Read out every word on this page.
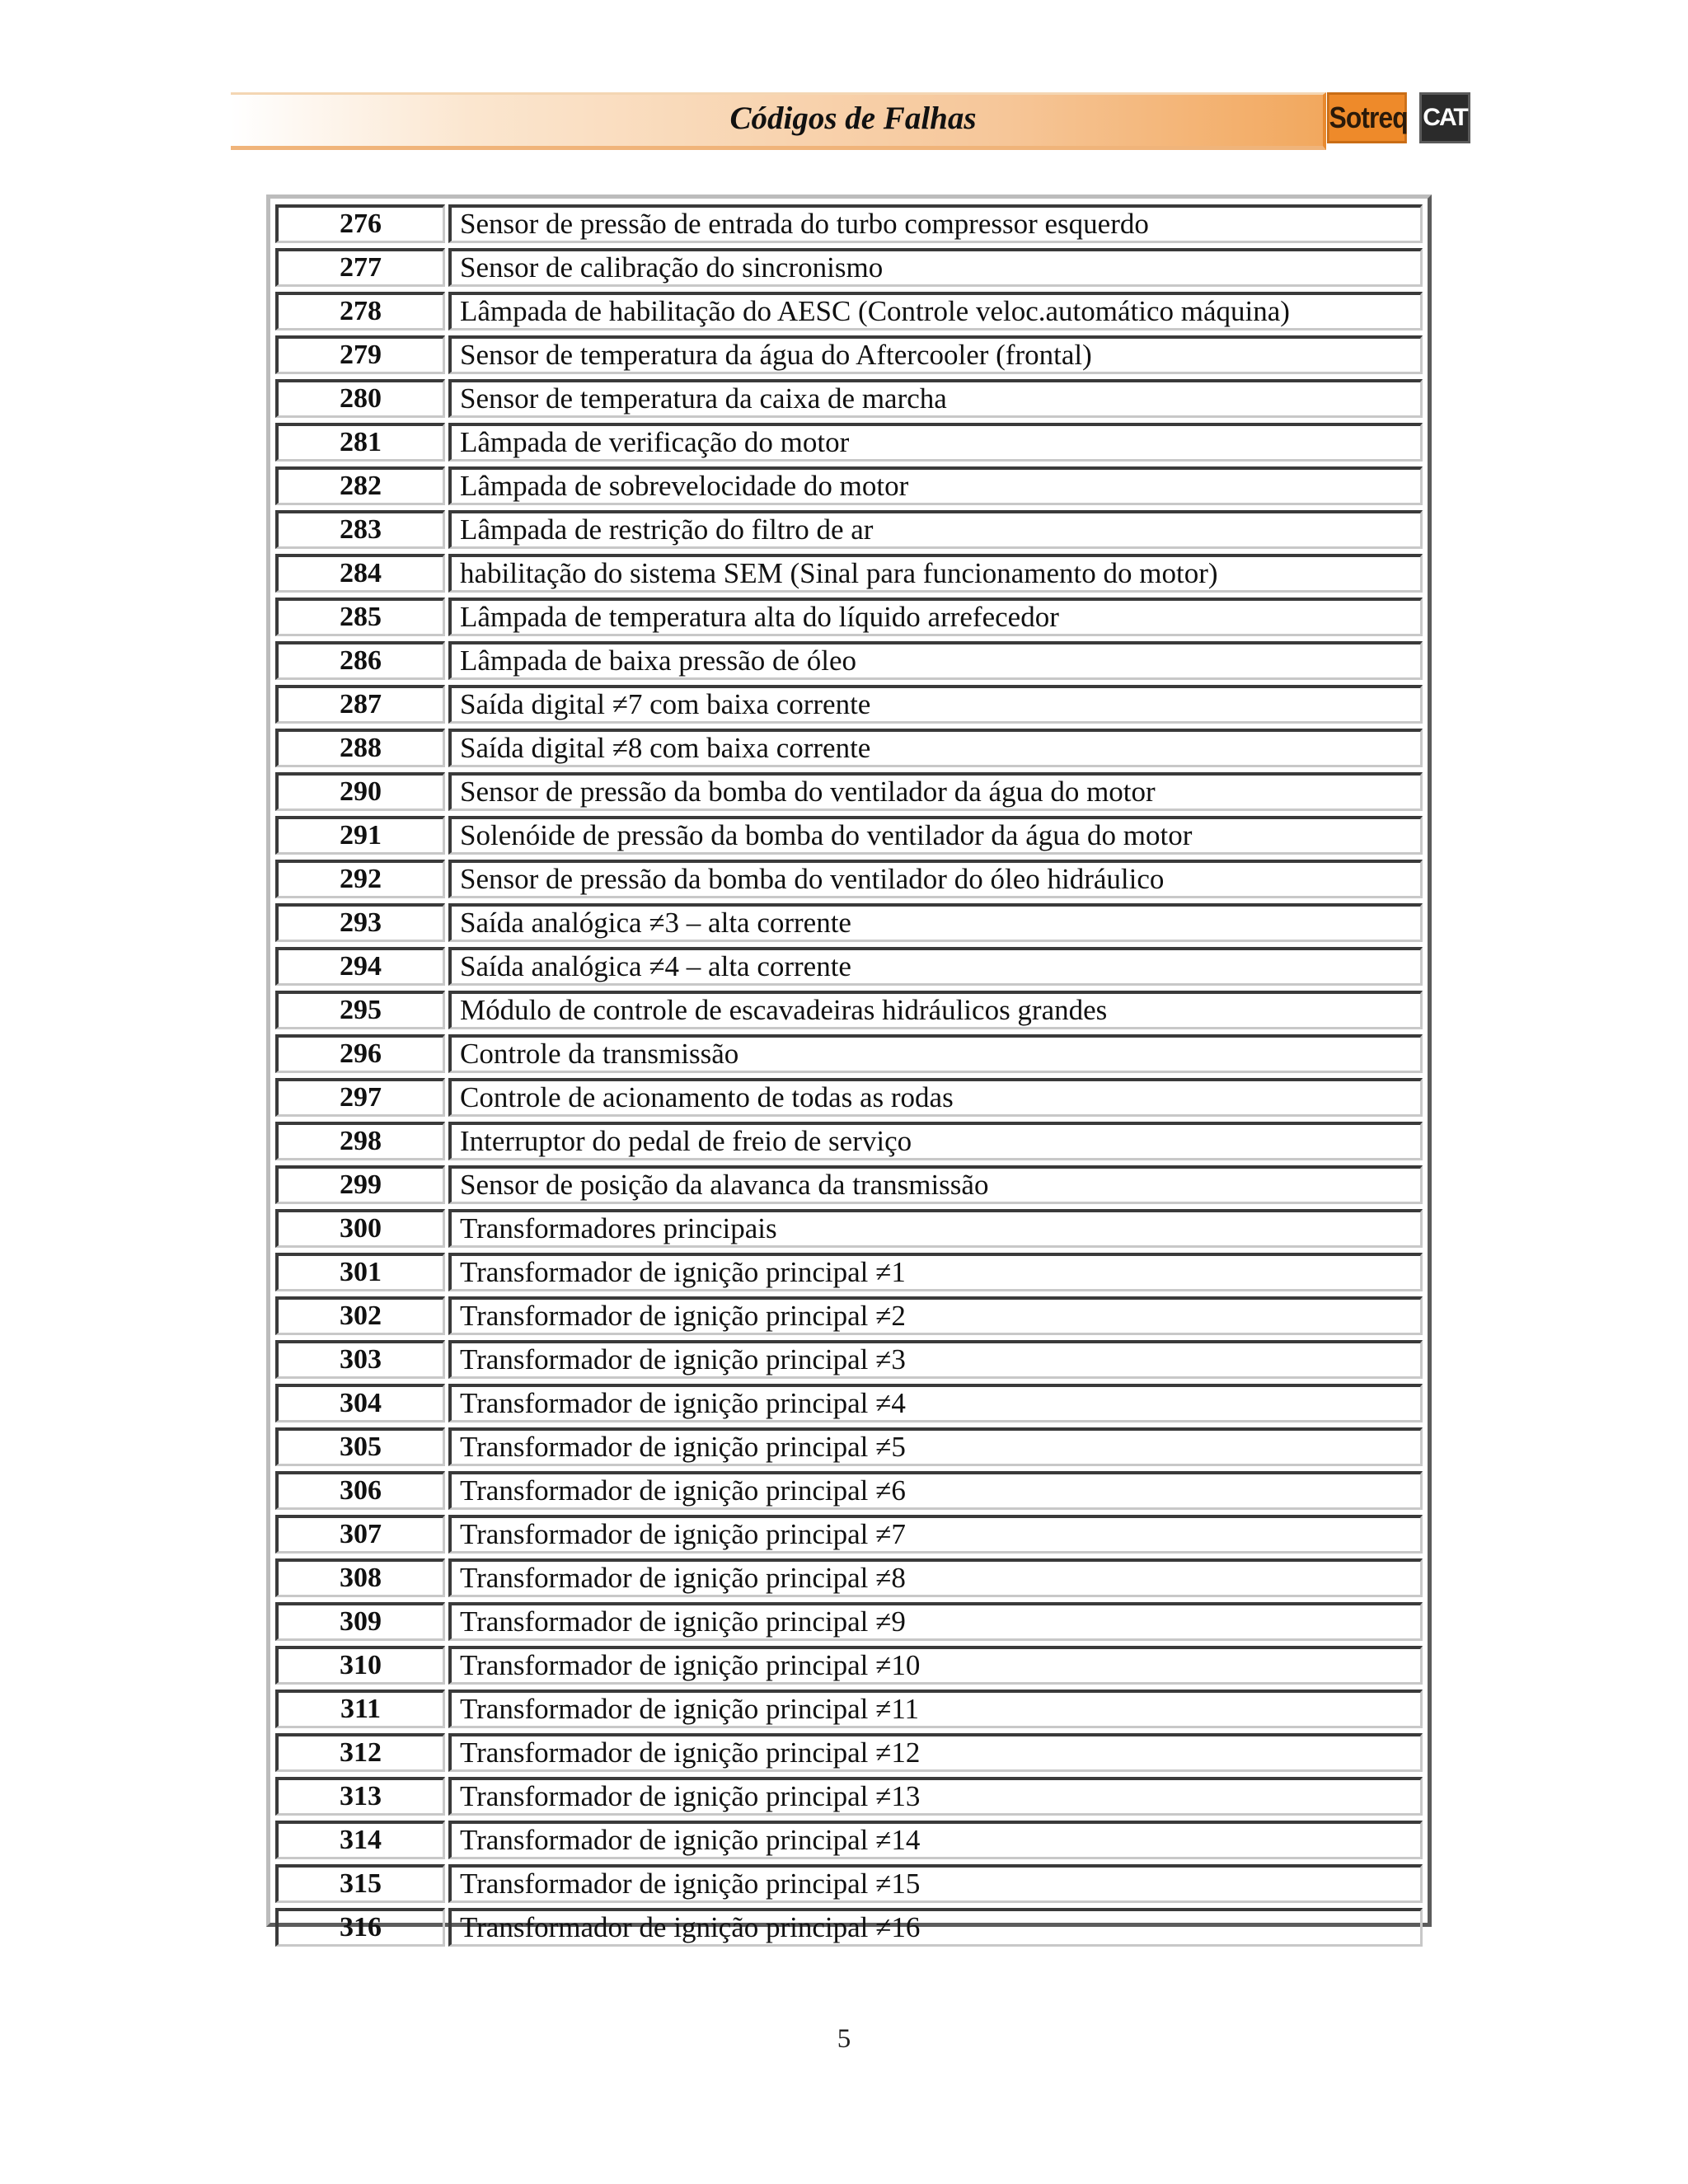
Códigos de Falhas	Sotreq CAT
276	Sensor de pressão de entrada do turbo compressor esquerdo
277	Sensor de calibração do sincronismo
278	Lâmpada de habilitação do AESC (Controle veloc.automático máquina)
279	Sensor de temperatura da água do Aftercooler (frontal)
280	Sensor de temperatura da caixa de marcha
281	Lâmpada de verificação do motor
282	Lâmpada de sobrevelocidade do motor
283	Lâmpada de restrição do filtro de ar
284	habilitação do sistema SEM (Sinal para funcionamento do motor)
285	Lâmpada de temperatura alta do líquido arrefecedor
286	Lâmpada de baixa pressão de óleo
287	Saída digital ≠7 com baixa corrente
288	Saída digital ≠8 com baixa corrente
290	Sensor de pressão da bomba do ventilador da água do motor
291	Solenóide de pressão da bomba do ventilador da água do motor
292	Sensor de pressão da bomba do ventilador do óleo hidráulico
293	Saída analógica ≠3 – alta corrente
294	Saída analógica ≠4 – alta corrente
295	Módulo de controle de escavadeiras hidráulicos grandes
296	Controle da transmissão
297	Controle de acionamento de todas as rodas
298	Interruptor do pedal de freio de serviço
299	Sensor de posição da alavanca da transmissão
300	Transformadores principais
301	Transformador de ignição principal ≠1
302	Transformador de ignição principal ≠2
303	Transformador de ignição principal ≠3
304	Transformador de ignição principal ≠4
305	Transformador de ignição principal ≠5
306	Transformador de ignição principal ≠6
307	Transformador de ignição principal ≠7
308	Transformador de ignição principal ≠8
309	Transformador de ignição principal ≠9
310	Transformador de ignição principal ≠10
311	Transformador de ignição principal ≠11
312	Transformador de ignição principal ≠12
313	Transformador de ignição principal ≠13
314	Transformador de ignição principal ≠14
315	Transformador de ignição principal ≠15
316	Transformador de ignição principal ≠16
5
